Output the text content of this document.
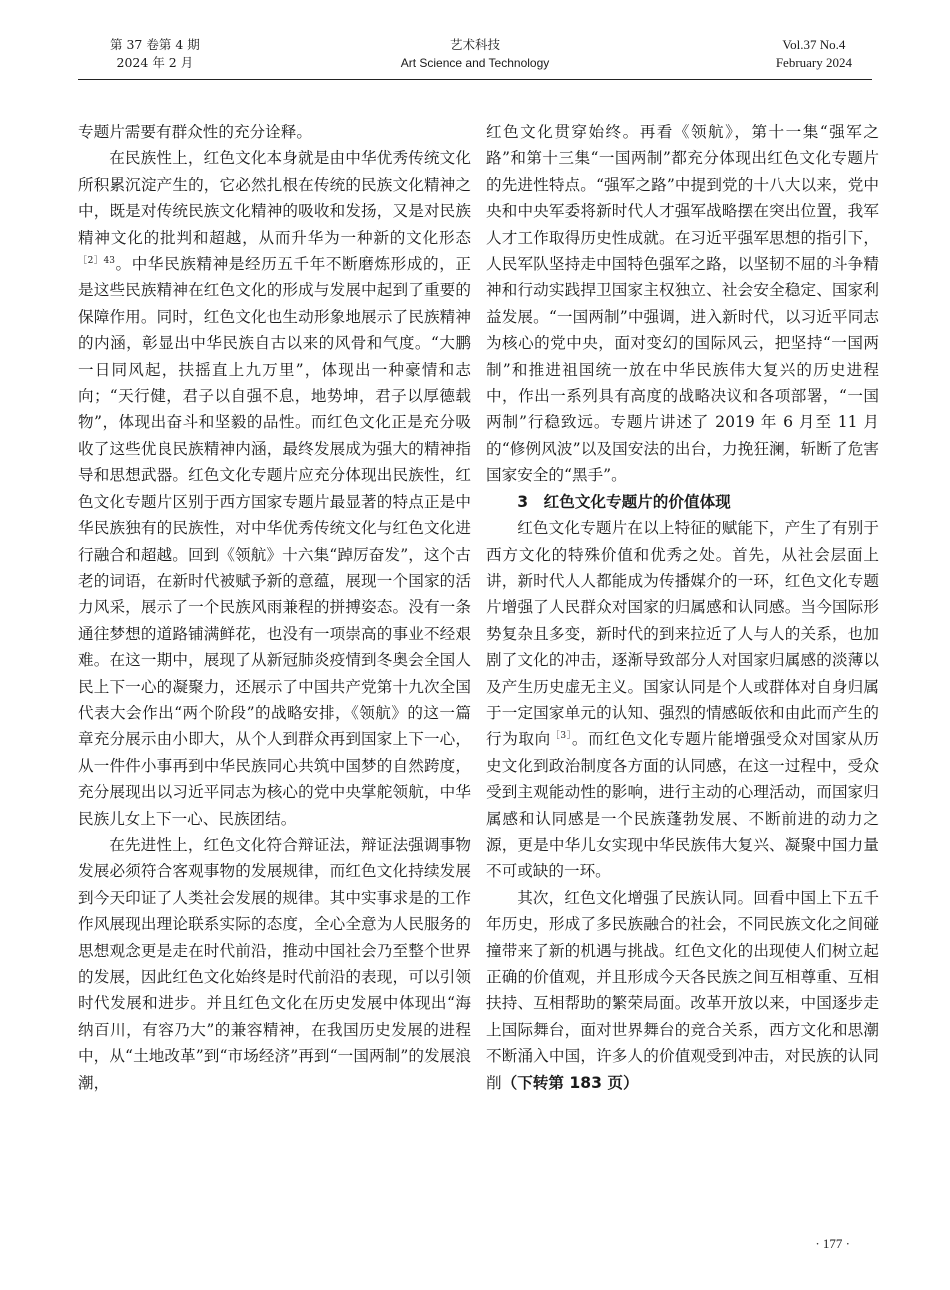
第 37 卷第 4 期
2024 年 2 月
艺术科技
Art Science and Technology
Vol.37 No.4
February 2024

专题片需要有群众性的充分诠释。

在民族性上，红色文化本身就是由中华优秀传统文化所积累沉淀产生的，它必然扎根在传统的民族文化精神之中，既是对传统民族文化精神的吸收和发扬，又是对民族精神文化的批判和超越，从而升华为一种新的文化形态$^{[2]43}$。中华民族精神是经历五千年不断磨炼形成的，正是这些民族精神在红色文化的形成与发展中起到了重要的保障作用。同时，红色文化也生动形象地展示了民族精神的内涵，彰显出中华民族自古以来的风骨和气度。“大鹏一日同风起，扶摇直上九万里”，体现出一种豪情和志向；“天行健，君子以自强不息，地势坤，君子以厚德载物”，体现出奋斗和坚毅的品性。而红色文化正是充分吸收了这些优良民族精神内涵，最终发展成为强大的精神指导和思想武器。红色文化专题片应充分体现出民族性，红色文化专题片区别于西方国家专题片最显著的特点正是中华民族独有的民族性，对中华优秀传统文化与红色文化进行融合和超越。回到《领航》十六集“踔厉奋发”，这个古老的词语，在新时代被赋予新的意蕴，展现一个国家的活力风采，展示了一个民族风雨兼程的拼搏姿态。没有一条通往梦想的道路铺满鲜花，也没有一项崇高的事业不经艰难。在这一期中，展现了从新冠肺炎疫情到冬奥会全国人民上下一心的凝聚力，还展示了中国共产党第十九次全国代表大会作出“两个阶段”的战略安排，《领航》的这一篇章充分展示由小即大，从个人到群众再到国家上下一心，从一件件小事再到中华民族同心共筑中国梦的自然跨度，充分展现出以习近平同志为核心的党中央掌舵领航，中华民族儿女上下一心、民族团结。

在先进性上，红色文化符合辩证法，辩证法强调事物发展必须符合客观事物的发展规律，而红色文化持续发展到今天印证了人类社会发展的规律。其中实事求是的工作作风展现出理论联系实际的态度，全心全意为人民服务的思想观念更是走在时代前沿，推动中国社会乃至整个世界的发展，因此红色文化始终是时代前沿的表现，可以引领时代发展和进步。并且红色文化在历史发展中体现出“海纳百川，有容乃大”的兼容精神，在我国历史发展的进程中，从“土地改革”到“市场经济”再到“一国两制”的发展浪潮，

红色文化贯穿始终。再看《领航》，第十一集“强军之路”和第十三集“一国两制”都充分体现出红色文化专题片的先进性特点。“强军之路”中提到党的十八大以来，党中央和中央军委将新时代人才强军战略摆在突出位置，我军人才工作取得历史性成就。在习近平强军思想的指引下，人民军队坚持走中国特色强军之路，以坚韧不屈的斗争精神和行动实践捍卫国家主权独立、社会安全稳定、国家利益发展。“一国两制”中强调，进入新时代，以习近平同志为核心的党中央，面对变幻的国际风云，把坚持“一国两制”和推进祖国统一放在中华民族伟大复兴的历史进程中，作出一系列具有高度的战略决议和各项部署，“一国两制”行稳致远。专题片讲述了 2019 年 6 月至 11 月的“修例风波”以及国安法的出台，力挽狂澜，斩断了危害国家安全的“黑手”。

3　红色文化专题片的价值体现

红色文化专题片在以上特征的赋能下，产生了有别于西方文化的特殊价值和优秀之处。首先，从社会层面上讲，新时代人人都能成为传播媒介的一环，红色文化专题片增强了人民群众对国家的归属感和认同感。当今国际形势复杂且多变，新时代的到来拉近了人与人的关系，也加剧了文化的冲击，逐渐导致部分人对国家归属感的淡薄以及产生历史虚无主义。国家认同是个人或群体对自身归属于一定国家单元的认知、强烈的情感皈依和由此而产生的行为取向$^{[3]}$。而红色文化专题片能增强受众对国家从历史文化到政治制度各方面的认同感，在这一过程中，受众受到主观能动性的影响，进行主动的心理活动，而国家归属感和认同感是一个民族蓬勃发展、不断前进的动力之源，更是中华儿女实现中华民族伟大复兴、凝聚中国力量不可或缺的一环。

其次，红色文化增强了民族认同。回看中国上下五千年历史，形成了多民族融合的社会，不同民族文化之间碰撞带来了新的机遇与挑战。红色文化的出现使人们树立起正确的价值观，并且形成今天各民族之间互相尊重、互相扶持、互相帮助的繁荣局面。改革开放以来，中国逐步走上国际舞台，面对世界舞台的竞合关系，西方文化和思潮不断涌入中国，许多人的价值观受到冲击，对民族的认同削（下转第 183 页）

· 177 ·
